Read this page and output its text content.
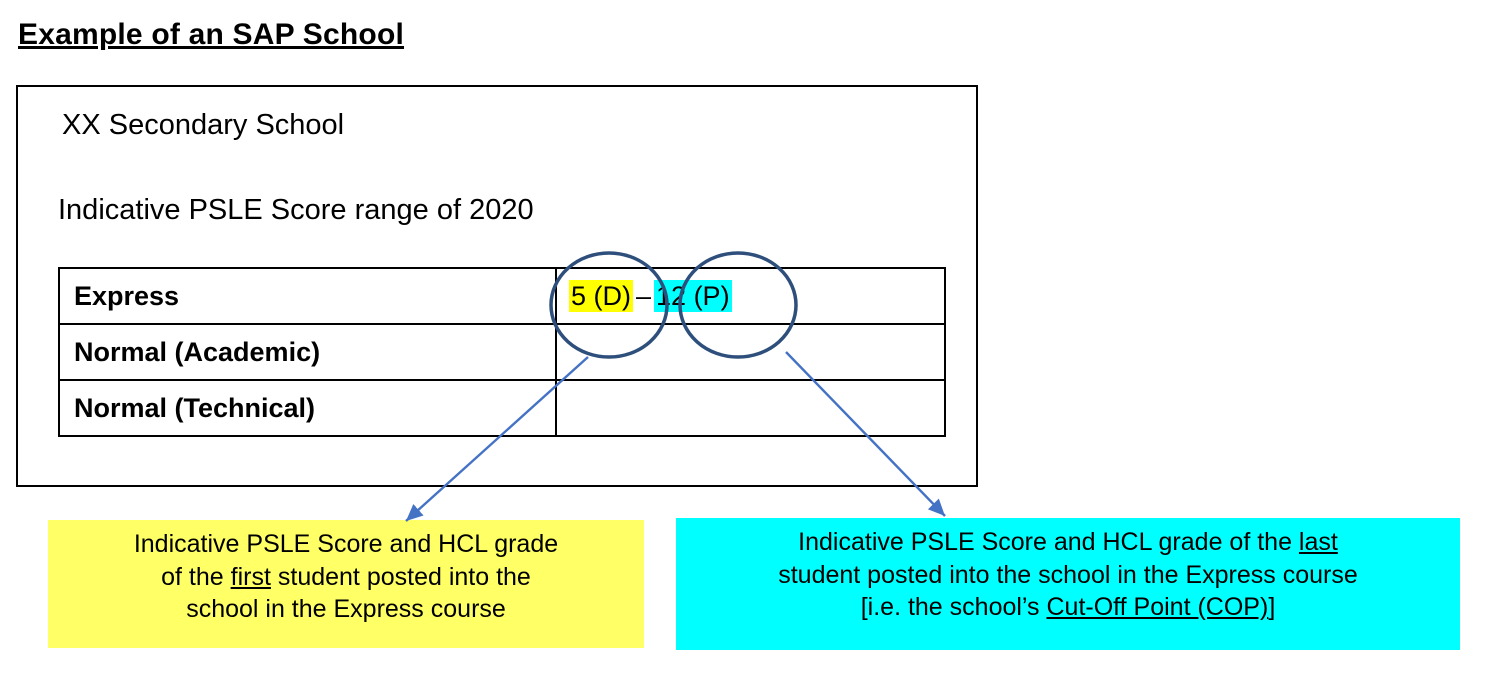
Example of an SAP School
XX Secondary School
Indicative PSLE Score range of 2020
Express	5 (D) – 12 (P)
Normal (Academic)	
Normal (Technical)	
Indicative PSLE Score and HCL grade
of the first student posted into the
school in the Express course
Indicative PSLE Score and HCL grade of the last
student posted into the school in the Express course
[i.e. the school’s Cut-Off Point (COP)]
